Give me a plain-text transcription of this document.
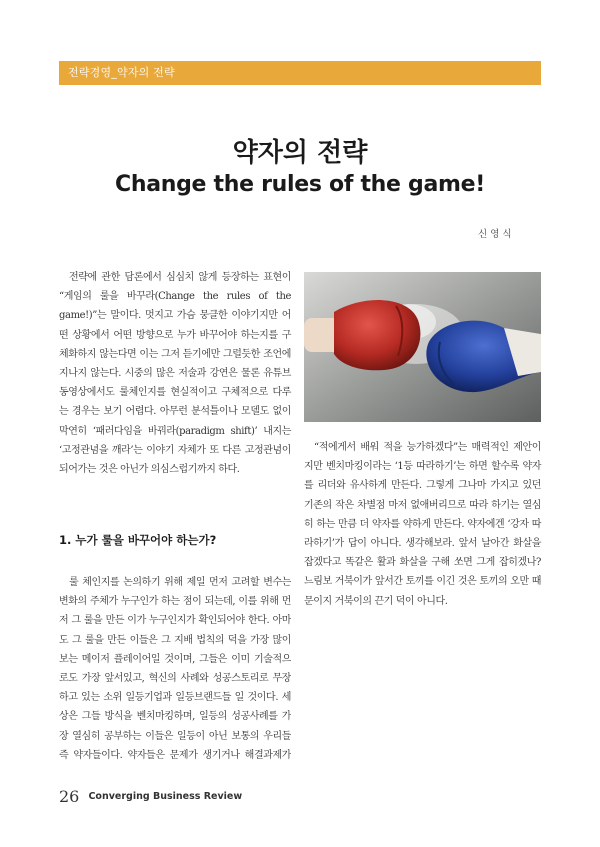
전략경영_약자의 전략
약자의 전략
Change the rules of the game!
신 영 식

전략에 관한 담론에서 심심치 않게 등장하는 표현이 “게임의 룰을 바꾸라(Change the rules of the game!)”는 말이다. 멋지고 가슴 뭉클한 이야기지만 어떤 상황에서 어떤 방향으로 누가 바꾸어야 하는지를 구체화하지 않는다면 이는 그저 듣기에만 그럴듯한 조언에 지나지 않는다. 시중의 많은 저술과 강연은 물론 유튜브 동영상에서도 룰체인지를 현실적이고 구체적으로 다루는 경우는 보기 어렵다. 아무런 분석틀이나 모델도 없이 막연히 ‘패러다임을 바꿔라(paradigm shift)’ 내지는 ‘고정관념을 깨라’는 이야기 자체가 또 다른 고정관념이 되어가는 것은 아닌가 의심스럽기까지 하다.

1. 누가 룰을 바꾸어야 하는가?

룰 체인지를 논의하기 위해 제일 먼저 고려할 변수는 변화의 주체가 누구인가 하는 점이 되는데, 이를 위해 먼저 그 룰을 만든 이가 누구인지가 확인되어야 한다. 아마도 그 룰을 만든 이들은 그 지배 법칙의 덕을 가장 많이 보는 메이저 플레이어일 것이며, 그들은 이미 기술적으로도 가장 앞서있고, 혁신의 사례와 성공스토리로 무장하고 있는 소위 일등기업과 일등브랜드들 일 것이다. 세상은 그들 방식을 벤치마킹하며, 일등의 성공사례를 가장 열심히 공부하는 이들은 일등이 아닌 보통의 우리들 즉 약자들이다. 약자들은 문제가 생기거나 해결과제가

“적에게서 배워 적을 능가하겠다”는 매력적인 제안이지만 벤치마킹이라는 ‘1등 따라하기’는 하면 할수록 약자를 리더와 유사하게 만든다. 그렇게 그나마 가지고 있던 기존의 작은 차별점 마저 없애버리므로 따라 하기는 열심히 하는 만큼 더 약자를 약하게 만든다. 약자에겐 ‘강자 따라하기’가 답이 아니다. 생각해보라. 앞서 날아간 화살을 잡겠다고 똑같은 활과 화살을 구해 쏘면 그게 잡히겠나? 느림보 거북이가 앞서간 토끼를 이긴 것은 토끼의 오만 때문이지 거북이의 끈기 덕이 아니다.

26 Converging Business Review
